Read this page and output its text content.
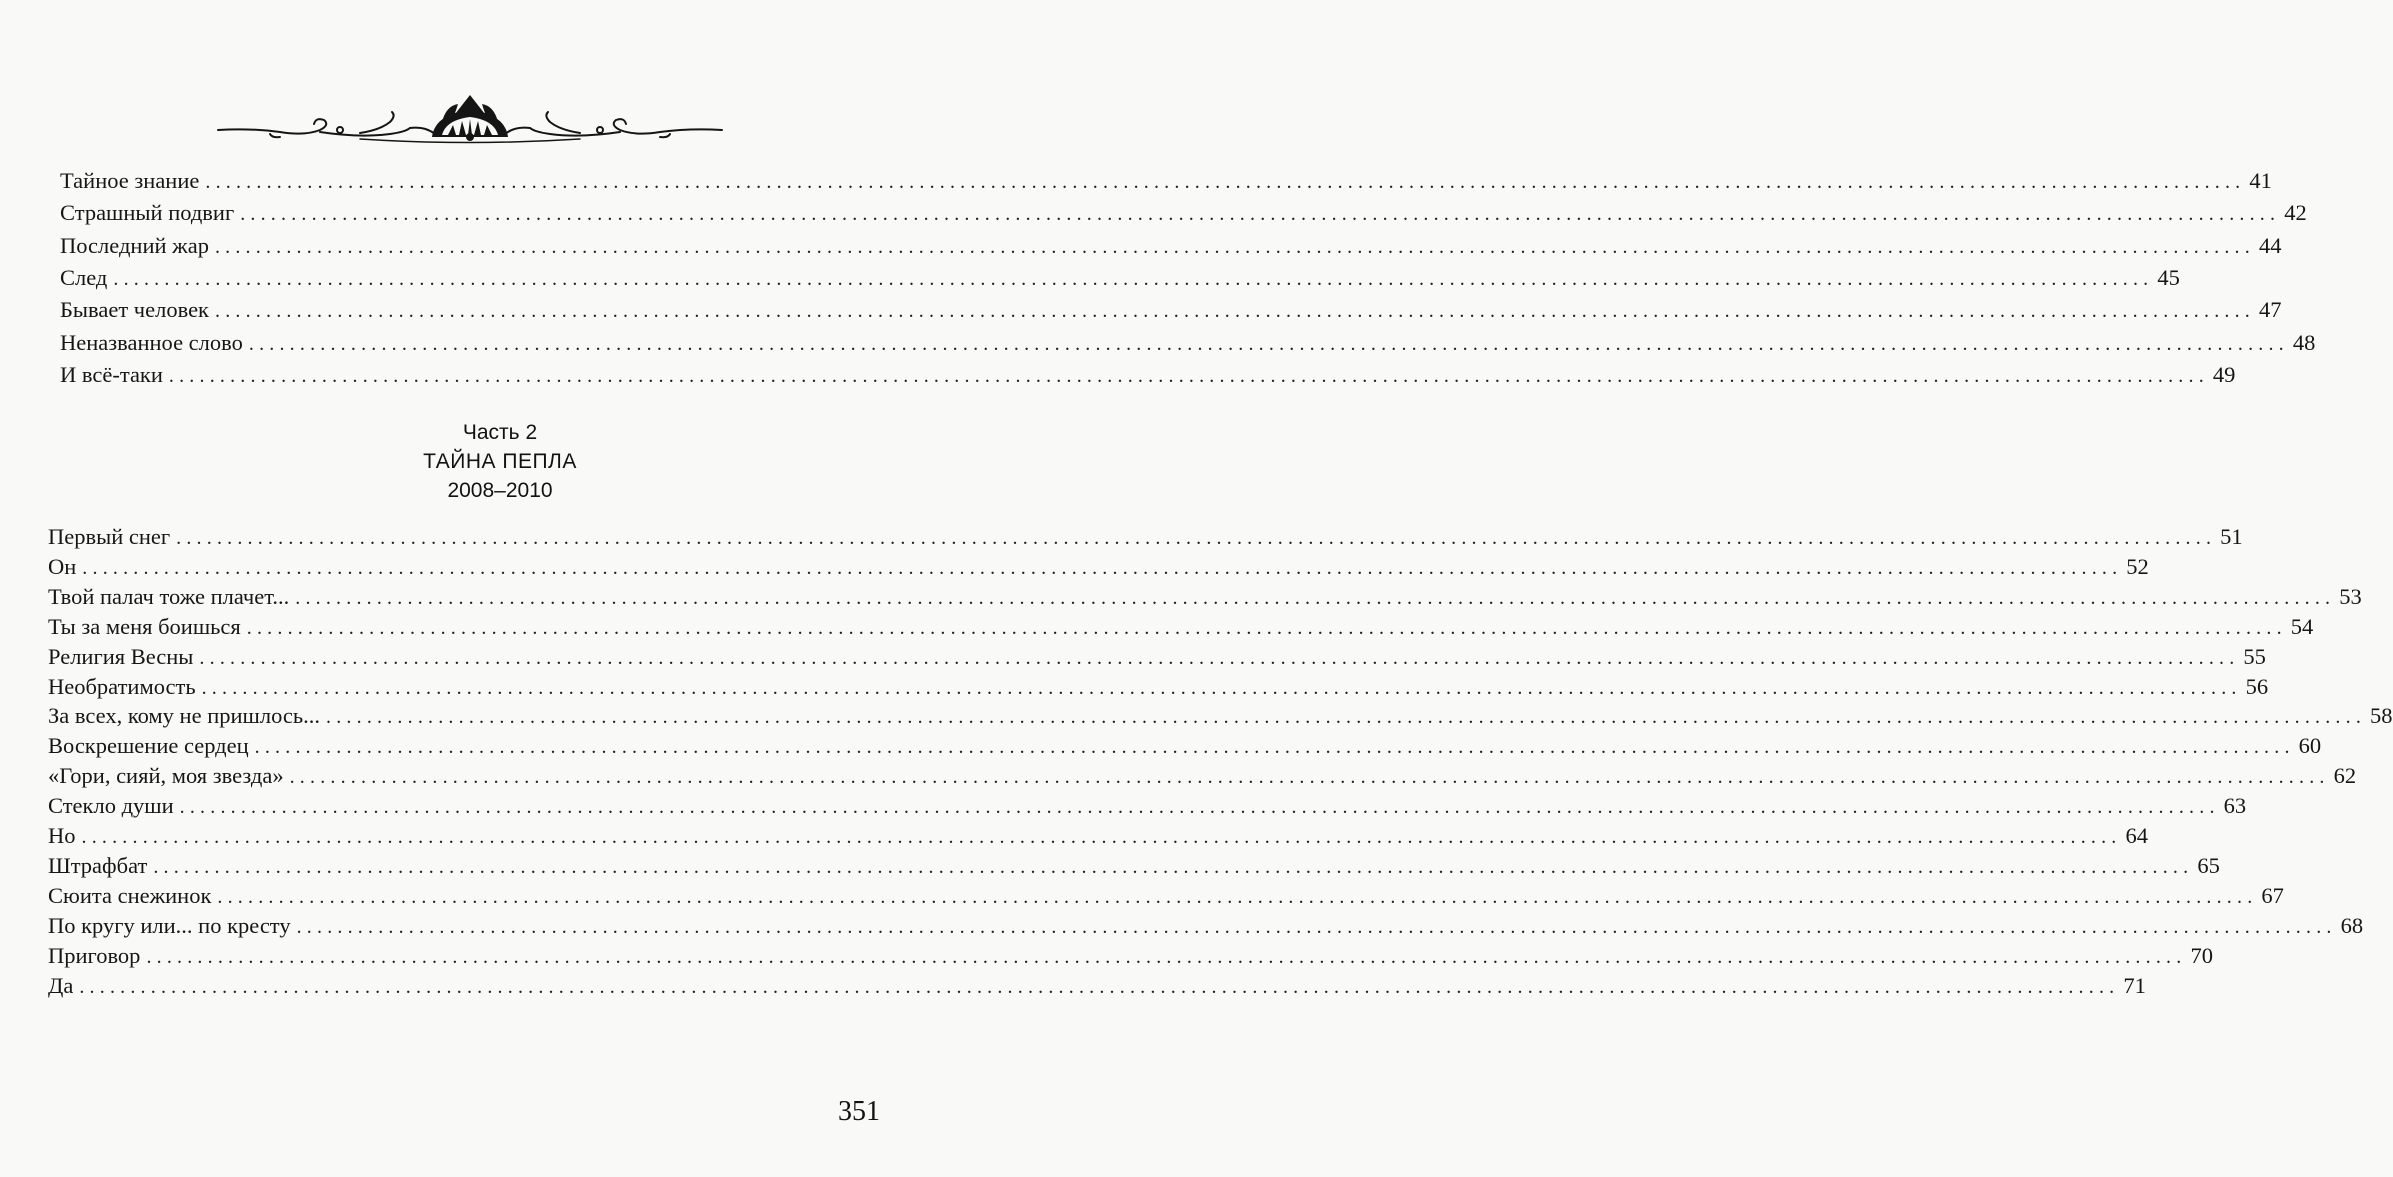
Тайное знание ........................................................................................................................................................................................................ 41
Страшный подвиг ........................................................................................................................................................................................................ 42
Последний жар ........................................................................................................................................................................................................ 44
След ........................................................................................................................................................................................................ 45
Бывает человек ........................................................................................................................................................................................................ 47
Неназванное слово ........................................................................................................................................................................................................ 48
И всё-таки ........................................................................................................................................................................................................ 49
Первый снег ........................................................................................................................................................................................................ 51
Он ........................................................................................................................................................................................................ 52
Твой палач тоже плачет... ........................................................................................................................................................................................................ 53
Ты за меня боишься ........................................................................................................................................................................................................ 54
Религия Весны ........................................................................................................................................................................................................ 55
Необратимость ........................................................................................................................................................................................................ 56
За всех, кому не пришлось... ........................................................................................................................................................................................................ 58
Воскрешение сердец ........................................................................................................................................................................................................ 60
«Гори, сияй, моя звезда» ........................................................................................................................................................................................................ 62
Стекло души ........................................................................................................................................................................................................ 63
Но ........................................................................................................................................................................................................ 64
Штрафбат ........................................................................................................................................................................................................ 65
Сюита снежинок ........................................................................................................................................................................................................ 67
По кругу или... по кресту ........................................................................................................................................................................................................ 68
Приговор ........................................................................................................................................................................................................ 70
Да ........................................................................................................................................................................................................ 71
Часть 2
ТАЙНА ПЕПЛА
2008–2010
351
